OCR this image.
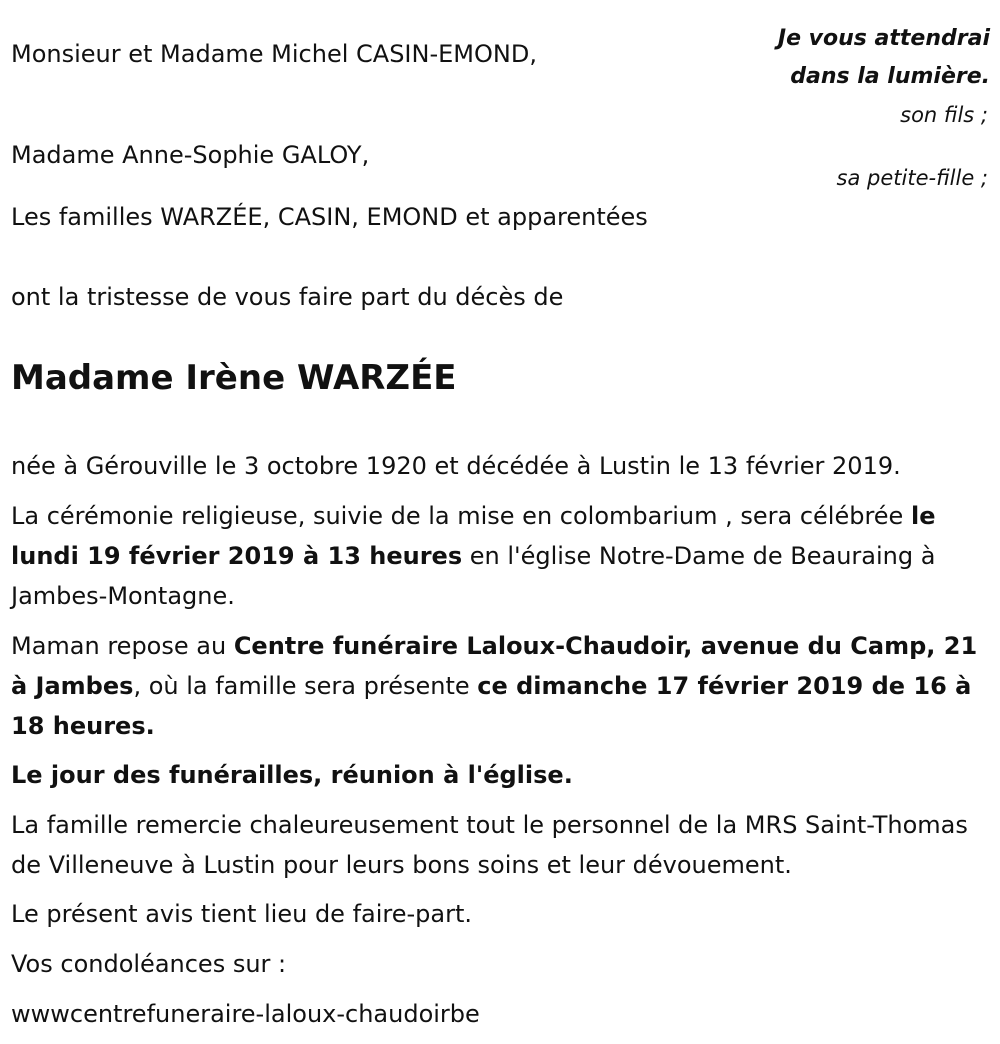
Monsieur et Madame Michel CASIN-EMOND,
Madame Anne-Sophie GALOY,
Les familles WARZÉE, CASIN, EMOND et apparentées
Je vous attendrai
dans la lumière.
son fils ;
sa petite-fille ;
ont la tristesse de vous faire part du décès de
Madame Irène WARZÉE
née à Gérouville le 3 octobre 1920 et décédée à Lustin le 13 février 2019.
La cérémonie religieuse, suivie de la mise en colombarium , sera célébrée le lundi 19 février 2019 à 13 heures en l'église Notre-Dame de Beauraing à Jambes-Montagne.
Maman repose au Centre funéraire Laloux-Chaudoir, avenue du Camp, 21 à Jambes, où la famille sera présente ce dimanche 17 février 2019 de 16 à 18 heures.
Le jour des funérailles, réunion à l'église.
La famille remercie chaleureusement tout le personnel de la MRS Saint-Thomas de Villeneuve à Lustin pour leurs bons soins et leur dévouement.
Le présent avis tient lieu de faire-part.
Vos condoléances sur :
wwwcentrefuneraire-laloux-chaudoirbe
